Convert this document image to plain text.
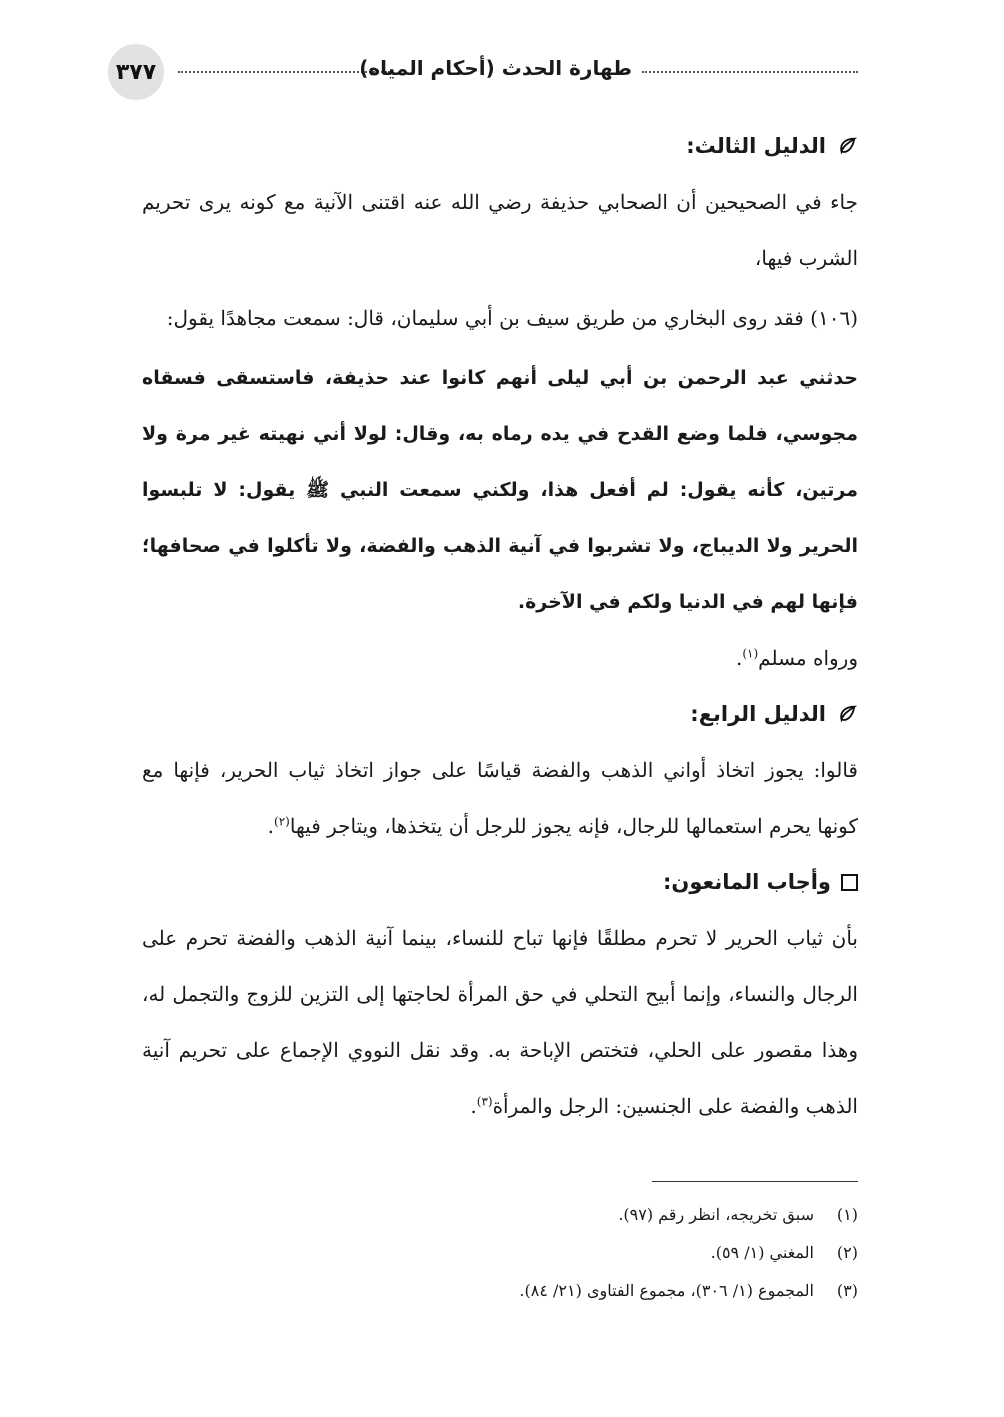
٣٧٧	طهارة الحدث (أحكام المياه)
الدليل الثالث:

جاء في الصحيحين أن الصحابي حذيفة رضي الله عنه اقتنى الآنية مع كونه يرى تحريم الشرب فيها،

(١٠٦) فقد روى البخاري من طريق سيف بن أبي سليمان، قال: سمعت مجاهدًا يقول:

حدثني عبد الرحمن بن أبي ليلى أنهم كانوا عند حذيفة، فاستسقى فسقاه مجوسي، فلما وضع القدح في يده رماه به، وقال: لولا أني نهيته غير مرة ولا مرتين، كأنه يقول: لم أفعل هذا، ولكني سمعت النبي ﷺ يقول: لا تلبسوا الحرير ولا الديباج، ولا تشربوا في آنية الذهب والفضة، ولا تأكلوا في صحافها؛ فإنها لهم في الدنيا ولكم في الآخرة.

ورواه مسلم$^{(١)}$.

الدليل الرابع:

قالوا: يجوز اتخاذ أواني الذهب والفضة قياسًا على جواز اتخاذ ثياب الحرير، فإنها مع كونها يحرم استعمالها للرجال، فإنه يجوز للرجل أن يتخذها، ويتاجر فيها$^{(٢)}$.

وأجاب المانعون:

بأن ثياب الحرير لا تحرم مطلقًا فإنها تباح للنساء، بينما آنية الذهب والفضة تحرم على الرجال والنساء، وإنما أبيح التحلي في حق المرأة لحاجتها إلى التزين للزوج والتجمل له، وهذا مقصور على الحلي، فتختص الإباحة به. وقد نقل النووي الإجماع على تحريم آنية الذهب والفضة على الجنسين: الرجل والمرأة$^{(٣)}$.

(١)
سبق تخريجه، انظر رقم (٩٧).
(٢)
المغني (١/ ٥٩).
(٣)
المجموع (١/ ٣٠٦)، مجموع الفتاوى (٢١/ ٨٤).
